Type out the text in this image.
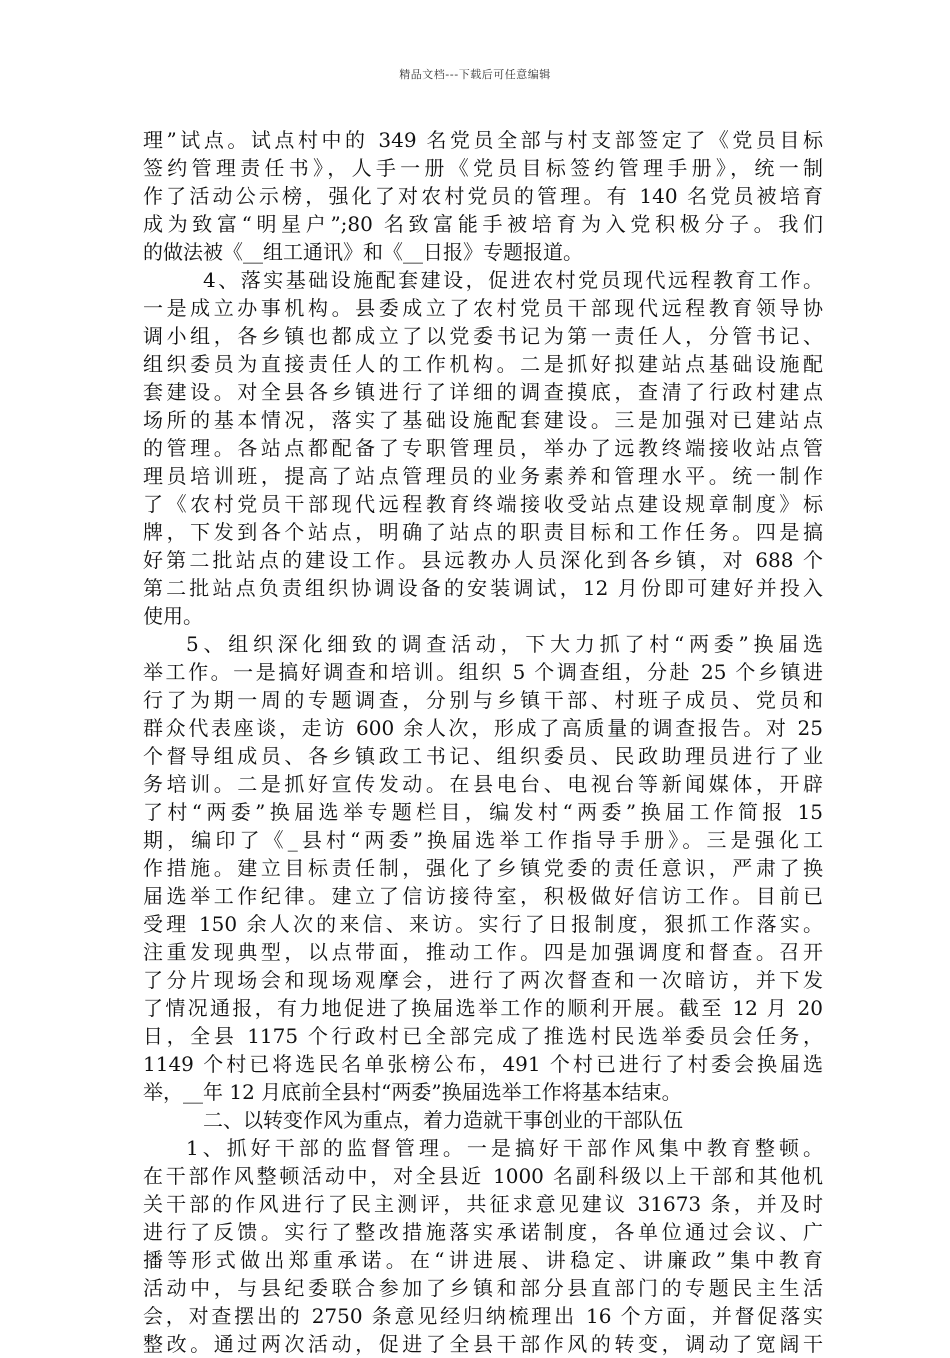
精品文档---下载后可任意编辑
理”试点。试点村中的 349 名党员全部与村支部签定了《党员目标
签约管理责任书》，人手一册《党员目标签约管理手册》，统一制
作了活动公示榜，强化了对农村党员的管理。有 140 名党员被培育
成为致富“明星户”;80 名致富能手被培育为入党积极分子。我们
的做法被《__组工通讯》和《__日报》专题报道。
4、落实基础设施配套建设，促进农村党员现代远程教育工作。
一是成立办事机构。县委成立了农村党员干部现代远程教育领导协
调小组，各乡镇也都成立了以党委书记为第一责任人，分管书记、
组织委员为直接责任人的工作机构。二是抓好拟建站点基础设施配
套建设。对全县各乡镇进行了详细的调查摸底，查清了行政村建点
场所的基本情况，落实了基础设施配套建设。三是加强对已建站点
的管理。各站点都配备了专职管理员，举办了远教终端接收站点管
理员培训班，提高了站点管理员的业务素养和管理水平。统一制作
了《农村党员干部现代远程教育终端接收受站点建设规章制度》标
牌，下发到各个站点，明确了站点的职责目标和工作任务。四是搞
好第二批站点的建设工作。县远教办人员深化到各乡镇，对 688 个
第二批站点负责组织协调设备的安装调试，12 月份即可建好并投入
使用。
5、组织深化细致的调查活动，下大力抓了村“两委”换届选
举工作。一是搞好调查和培训。组织 5 个调查组，分赴 25 个乡镇进
行了为期一周的专题调查，分别与乡镇干部、村班子成员、党员和
群众代表座谈，走访 600 余人次，形成了高质量的调查报告。对 25
个督导组成员、各乡镇政工书记、组织委员、民政助理员进行了业
务培训。二是抓好宣传发动。在县电台、电视台等新闻媒体，开辟
了村“两委”换届选举专题栏目，编发村“两委”换届工作简报 15
期，编印了《_县村“两委”换届选举工作指导手册》。三是强化工
作措施。建立目标责任制，强化了乡镇党委的责任意识，严肃了换
届选举工作纪律。建立了信访接待室，积极做好信访工作。目前已
受理 150 余人次的来信、来访。实行了日报制度，狠抓工作落实。
注重发现典型，以点带面，推动工作。四是加强调度和督查。召开
了分片现场会和现场观摩会，进行了两次督查和一次暗访，并下发
了情况通报，有力地促进了换届选举工作的顺利开展。截至 12 月 20
日，全县 1175 个行政村已全部完成了推选村民选举委员会任务，
1149 个村已将选民名单张榜公布，491 个村已进行了村委会换届选
举，__年 12 月底前全县村“两委”换届选举工作将基本结束。
二、以转变作风为重点，着力造就干事创业的干部队伍
1、抓好干部的监督管理。一是搞好干部作风集中教育整顿。
在干部作风整顿活动中，对全县近 1000 名副科级以上干部和其他机
关干部的作风进行了民主测评，共征求意见建议 31673 条，并及时
进行了反馈。实行了整改措施落实承诺制度，各单位通过会议、广
播等形式做出郑重承诺。在“讲进展、讲稳定、讲廉政”集中教育
活动中，与县纪委联合参加了乡镇和部分县直部门的专题民主生活
会，对查摆出的 2750 条意见经归纳梳理出 16 个方面，并督促落实
整改。通过两次活动，促进了全县干部作风的转变，调动了宽阔干
